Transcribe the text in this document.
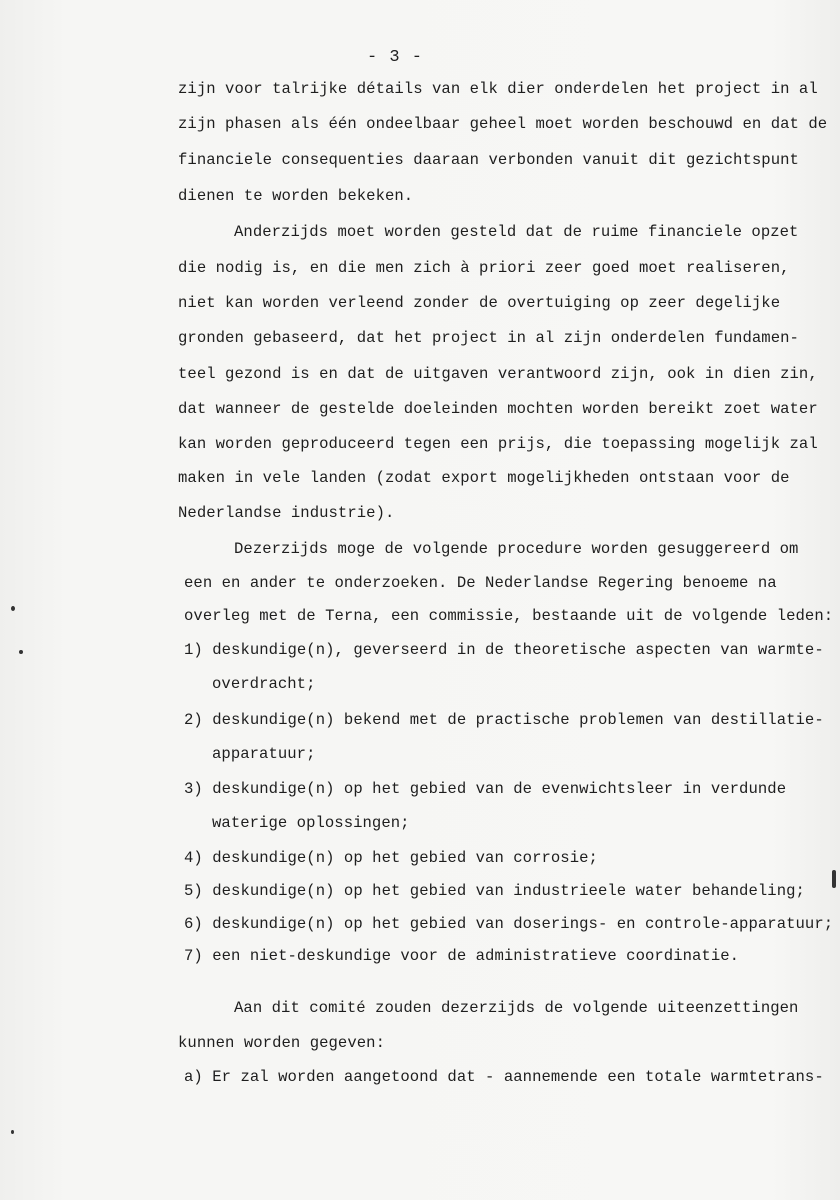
- 3 -
zijn voor talrijke détails van elk dier onderdelen het project in al
zijn phasen als één ondeelbaar geheel moet worden beschouwd en dat de
financiele consequenties daaraan verbonden vanuit dit gezichtspunt
dienen te worden bekeken.
Anderzijds moet worden gesteld dat de ruime financiele opzet
die nodig is, en die men zich à priori zeer goed moet realiseren,
niet kan worden verleend zonder de overtuiging op zeer degelijke
gronden gebaseerd, dat het project in al zijn onderdelen fundamen-
teel gezond is en dat de uitgaven verantwoord zijn, ook in dien zin,
dat wanneer de gestelde doeleinden mochten worden bereikt zoet water
kan worden geproduceerd tegen een prijs, die toepassing mogelijk zal
maken in vele landen (zodat export mogelijkheden ontstaan voor de
Nederlandse industrie).
Dezerzijds moge de volgende procedure worden gesuggereerd om
een en ander te onderzoeken. De Nederlandse Regering benoeme na
overleg met de Terna, een commissie, bestaande uit de volgende leden:
1) deskundige(n), geverseerd in de theoretische aspecten van warmte-
overdracht;
2) deskundige(n) bekend met de practische problemen van destillatie-
apparatuur;
3) deskundige(n) op het gebied van de evenwichtsleer in verdunde
waterige oplossingen;
4) deskundige(n) op het gebied van corrosie;
5) deskundige(n) op het gebied van industrieele water behandeling;
6) deskundige(n) op het gebied van doserings- en controle-apparatuur;
7) een niet-deskundige voor de administratieve coordinatie.
Aan dit comité zouden dezerzijds de volgende uiteenzettingen
kunnen worden gegeven:
a) Er zal worden aangetoond dat - aannemende een totale warmtetrans-
